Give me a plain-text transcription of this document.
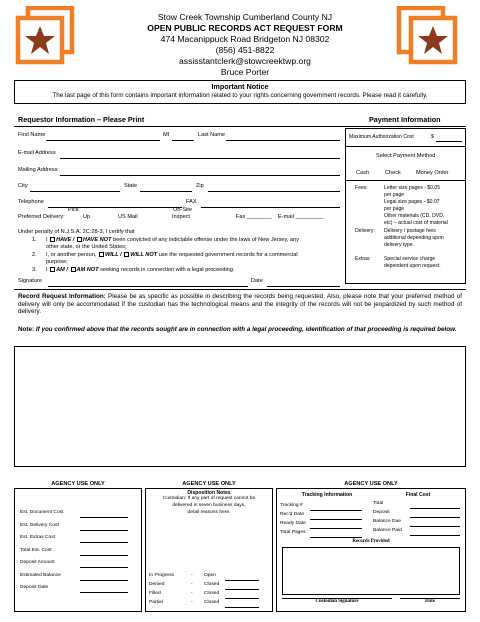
Stow Creek Township Cumberland County NJ
OPEN PUBLIC RECORDS ACT REQUEST FORM
474 Macanippuck Road Bridgeton NJ 08302
(856) 451-8822
assisstantclerk@stowcreektwp.org
Bruce Porter
Important Notice
The last page of this form contains important information related to your rights concerning government records. Please read it carefully.
Requestor Information – Please Print	Payment Information
First Name	MI	Last Name
E-mail Address
Mailing Address
City	State	Zip
Telephone	FAX
Pick	On-Site
Preferred Delivery:	Up	US Mail	Inspect	Fax ________ E-mail _________
Under penalty of N.J.S.A. 2C:28-3, I certify that
1. I HAVE / HAVE NOT been convicted of any indictable offense under the laws of New Jersey, any
other state, or the United States;
2. I, or another person, WILL / WILL NOT use the requested government records for a commercial
purpose;
3. I AM / AM NOT seeking records in connection with a legal proceeding.
Signature	Date
Maximum Authorization Cost	$
Select Payment Method
Cash	Check	Money Order
Fees:	Letter size pages - $0.05
per page
Legal size pages - $0.07
per page
Other materials (CD, DVD,
etc) – actual cost of material
Delivery: Delivery / postage fees
additional depending upon
delivery type.
Extras:	Special service charge
dependent upon request.
Record Request Information: Please be as specific as possible in describing the records being requested. Also, please note that your preferred method of delivery will only be accommodated if the custodian has the technological means and the integrity of the records will not be jeopardized by such method of delivery.
Note: If you confirmed above that the records sought are in connection with a legal proceeding, identification of that proceeding is required below.
AGENCY USE ONLY	AGENCY USE ONLY	AGENCY USE ONLY
Est. Document Cost
Est. Delivery Cost
Est. Extras Cost
Total Est. Cost
Deposit Amount
Estimated Balance
Deposit Date
Disposition Notes
Custodian: If any part of request cannot be
delivered in seven business days,
detail reasons here.
In Progress	- Open
Denied	- Closed
Filled	- Closed
Partial	- Closed
Tracking Information	Final Cost
Tracking #
Rec'd Date
Ready Date
Total Pages
Total
Deposit
Balance Due
Balance Paid
Records Provided
Custodian Signature	Date
